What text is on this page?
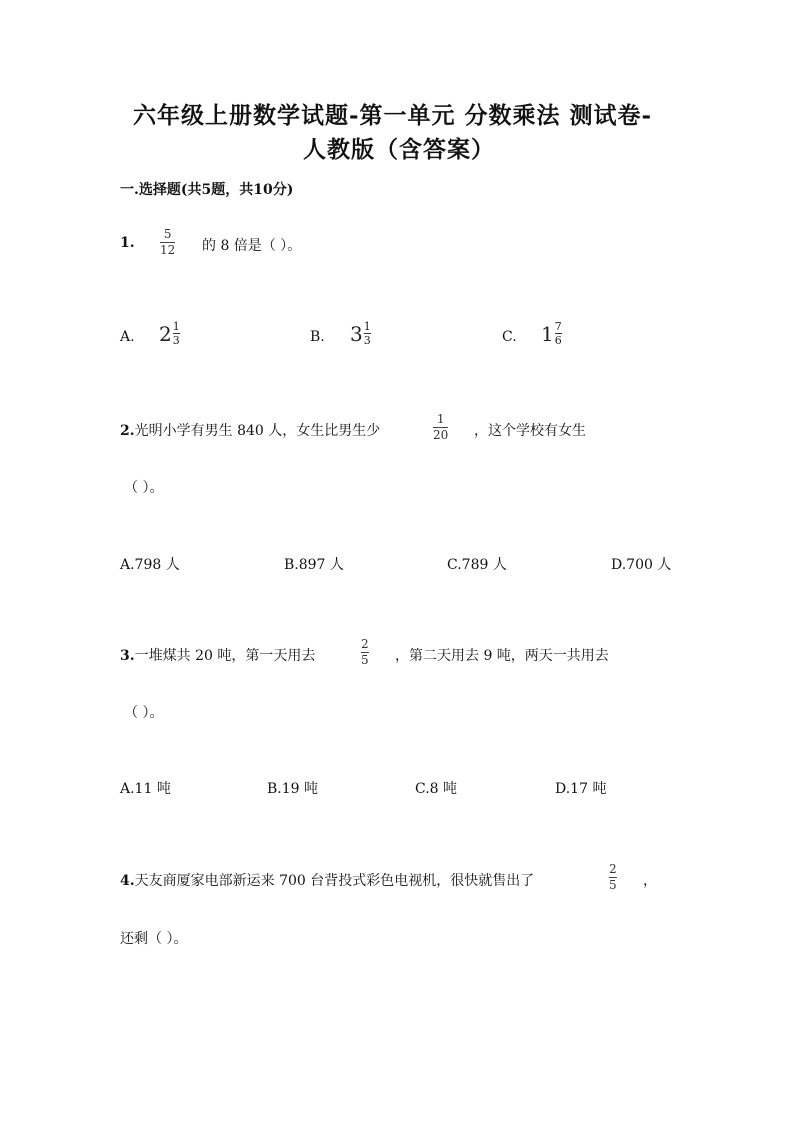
六年级上册数学试题-第一单元 分数乘法 测试卷-
人教版（含答案）
一.选择题(共5题，共10分)
1.
5
12 的 8 倍是（ ）。
A. 2 1
3	B. 3 1
3	C. 1 7
6
2.光明小学有男生 840 人，女生比男生少
1
20 ，这个学校有女生
（ ）。
A.798 人	B.897 人	C.789 人	D.700 人
3.一堆煤共 20 吨，第一天用去
2
5 ，第二天用去 9 吨，两天一共用去
（ ）。
A.11 吨	B.19 吨	C.8 吨	D.17 吨
4.天友商厦家电部新运来 700 台背投式彩色电视机，很快就售出了
2
5 ，
还剩（ ）。
